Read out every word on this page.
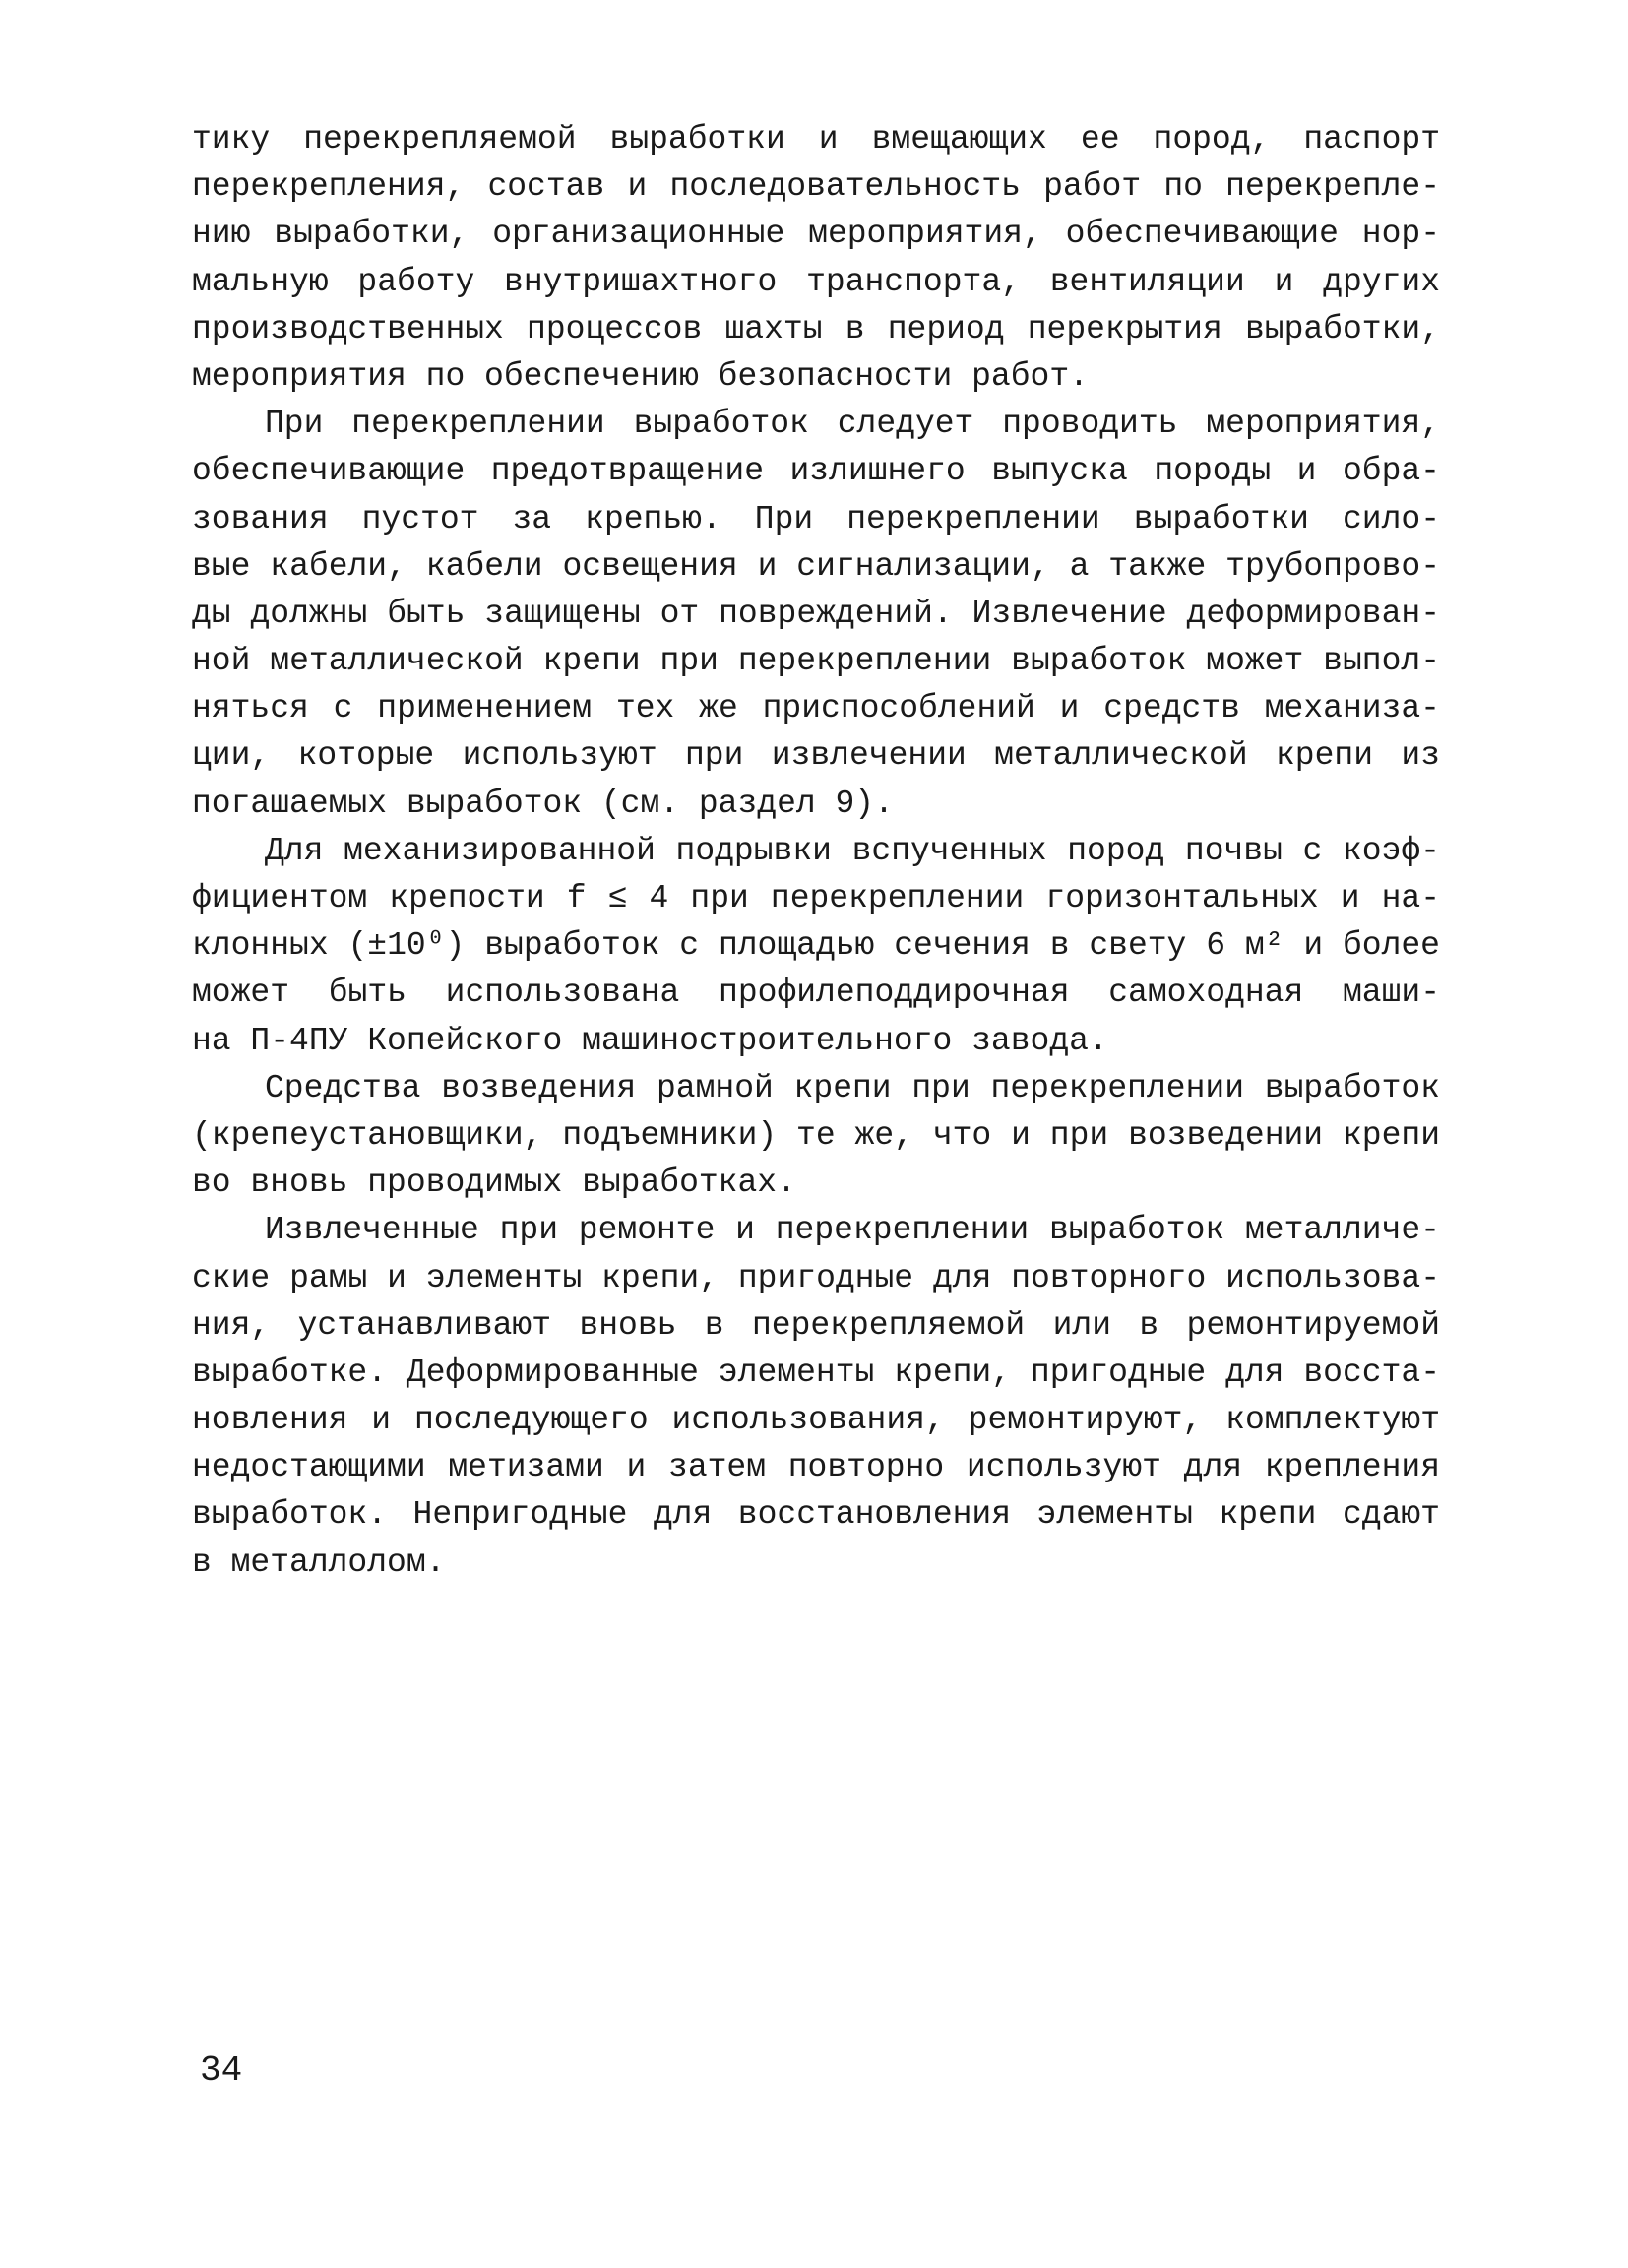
тику перекрепляемой выработки и вмещающих ее пород, паспорт
перекрепления, состав и последовательность работ по перекрепле-
нию выработки, организационные мероприятия, обеспечивающие нор-
мальную работу внутришахтного транспорта, вентиляции и других
производственных процессов шахты в период перекрытия выработки,
мероприятия по обеспечению безопасности работ.
При перекреплении выработок следует проводить мероприятия,
обеспечивающие предотвращение излишнего выпуска породы и обра-
зования пустот за крепью. При перекреплении выработки сило-
вые кабели, кабели освещения и сигнализации, а также трубопрово-
ды должны быть защищены от повреждений. Извлечение деформирован-
ной металлической крепи при перекреплении выработок может выпол-
няться с применением тех же приспособлений и средств механиза-
ции, которые используют при извлечении металлической крепи из
погашаемых выработок (см. раздел 9).
Для механизированной подрывки вспученных пород почвы с коэф-
фициентом крепости f ≤ 4 при перекреплении горизонтальных и на-
клонных (±10⁰) выработок с площадью сечения в свету 6 м² и более
может быть использована профилеподдирочная самоходная маши-
на П-4ПУ Копейского машиностроительного завода.
Средства возведения рамной крепи при перекреплении выработок
(крепеустановщики, подъемники) те же, что и при возведении крепи
во вновь проводимых выработках.
Извлеченные при ремонте и перекреплении выработок металличе-
ские рамы и элементы крепи, пригодные для повторного использова-
ния, устанавливают вновь в перекрепляемой или в ремонтируемой
выработке. Деформированные элементы крепи, пригодные для восста-
новления и последующего использования, ремонтируют, комплектуют
недостающими метизами и затем повторно используют для крепления
выработок. Непригодные для восстановления элементы крепи сдают
в металлолом.
34
